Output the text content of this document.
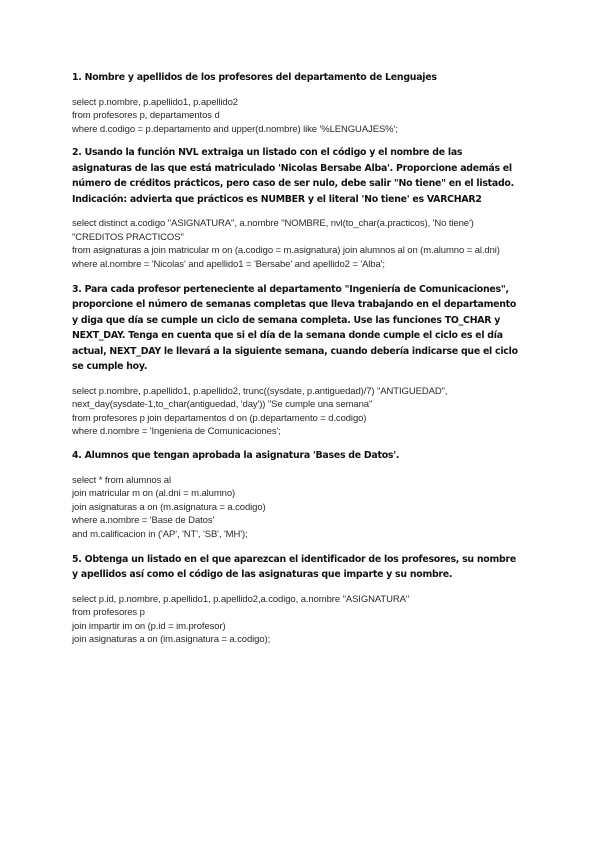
1. Nombre y apellidos de los profesores del departamento de Lenguajes
select p.nombre, p.apellido1, p.apellido2
from profesores p, departamentos d
where d.codigo = p.departamento and upper(d.nombre) like '%LENGUAJES%';
2. Usando la función NVL extraiga un listado con el código y el nombre de las asignaturas de las que está matriculado 'Nicolas Bersabe Alba'. Proporcione además el número de créditos prácticos, pero caso de ser nulo, debe salir "No tiene" en el listado. Indicación: advierta que prácticos es NUMBER y el literal 'No tiene' es VARCHAR2
select distinct a.codigo "ASIGNATURA", a.nombre "NOMBRE, nvl(to_char(a.practicos), 'No tiene') "CREDITOS PRACTICOS"
from asignaturas a join matricular m on (a.codigo = m.asignatura) join alumnos al on (m.alumno = al.dni)
where al.nombre = 'Nicolas' and apellido1 = 'Bersabe' and apellido2 = 'Alba';
3. Para cada profesor perteneciente al departamento "Ingeniería de Comunicaciones", proporcione el número de semanas completas que lleva trabajando en el departamento y diga que día se cumple un ciclo de semana completa. Use las funciones TO_CHAR y NEXT_DAY. Tenga en cuenta que si el día de la semana donde cumple el ciclo es el día actual, NEXT_DAY le llevará a la siguiente semana, cuando debería indicarse que el ciclo se cumple hoy.
select p.nombre, p.apellido1, p.apellido2, trunc((sysdate, p.antiguedad)/7) "ANTIGUEDAD", next_day(sysdate-1,to_char(antiguedad, 'day')) "Se cumple una semana"
from profesores p join departamentos d on (p.departamento = d.codigo)
where d.nombre = 'Ingenieria de Comunicaciones';
4. Alumnos que tengan aprobada la asignatura 'Bases de Datos'.
select * from alumnos al
join matricular m on (al.dni = m.alumno)
join asignaturas a on (m.asignatura = a.codigo)
where a.nombre = 'Base de Datos'
and m.calificacion in ('AP', 'NT', 'SB', 'MH');
5. Obtenga un listado en el que aparezcan el identificador de los profesores, su nombre y apellidos así como el código de las asignaturas que imparte y su nombre.
select p.id, p.nombre, p.apellido1, p.apellido2,a.codigo, a.nombre "ASIGNATURA"
from profesores p
join impartir im on (p.id = im.profesor)
join asignaturas a on (im.asignatura = a.codigo);
